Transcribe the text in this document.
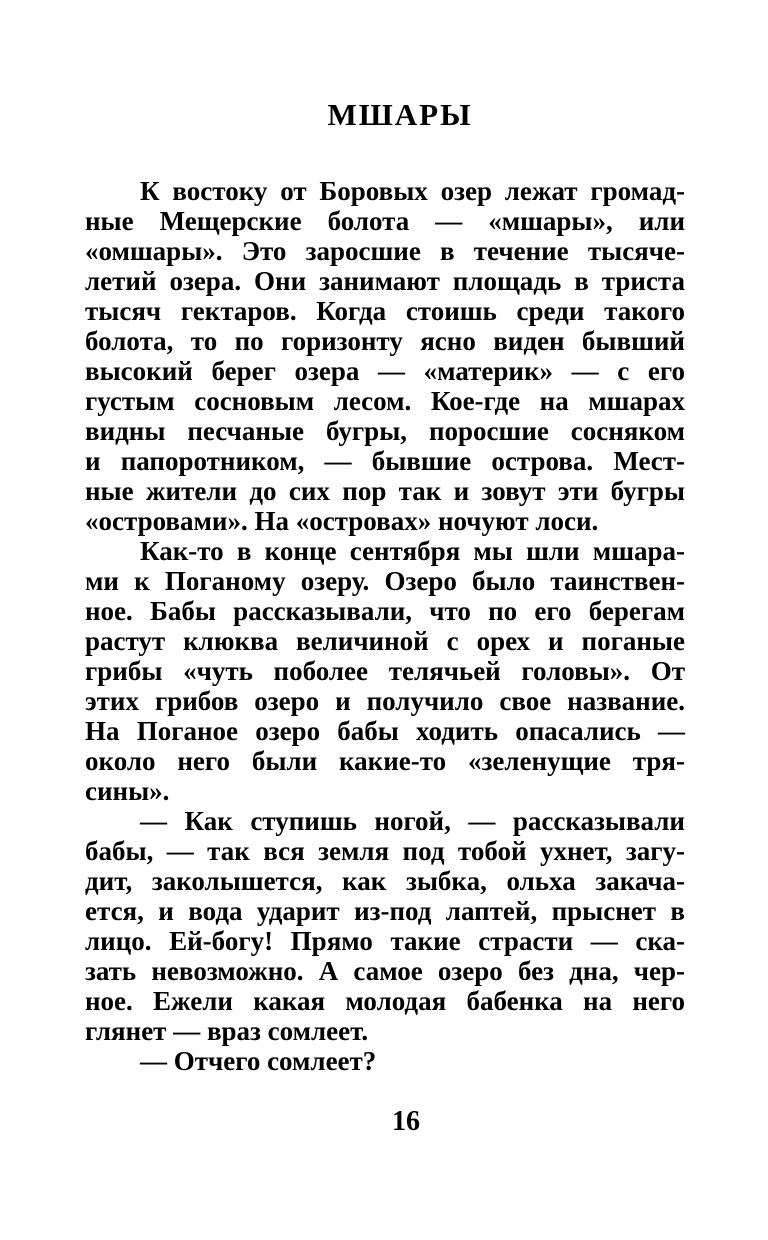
МШАРЫ
К востоку от Боровых озер лежат громад-
ные Мещерские болота — «мшары», или
«омшары». Это заросшие в течение тысяче-
летий озера. Они занимают площадь в триста
тысяч гектаров. Когда стоишь среди такого
болота, то по горизонту ясно виден бывший
высокий берег озера — «материк» — с его
густым сосновым лесом. Кое-где на мшарах
видны песчаные бугры, поросшие сосняком
и папоротником, — бывшие острова. Мест-
ные жители до сих пор так и зовут эти бугры
«островами». На «островах» ночуют лоси.
Как-то в конце сентября мы шли мшара-
ми к Поганому озеру. Озеро было таинствен-
ное. Бабы рассказывали, что по его берегам
растут клюква величиной с орех и поганые
грибы «чуть поболее телячьей головы». От
этих грибов озеро и получило свое название.
На Поганое озеро бабы ходить опасались —
около него были какие-то «зеленущие тря-
сины».
— Как ступишь ногой, — рассказывали
бабы, — так вся земля под тобой ухнет, загу-
дит, заколышется, как зыбка, ольха закача-
ется, и вода ударит из-под лаптей, прыснет в
лицо. Ей-богу! Прямо такие страсти — ска-
зать невозможно. А самое озеро без дна, чер-
ное. Ежели какая молодая бабенка на него
глянет — враз сомлеет.
— Отчего сомлеет?
16
